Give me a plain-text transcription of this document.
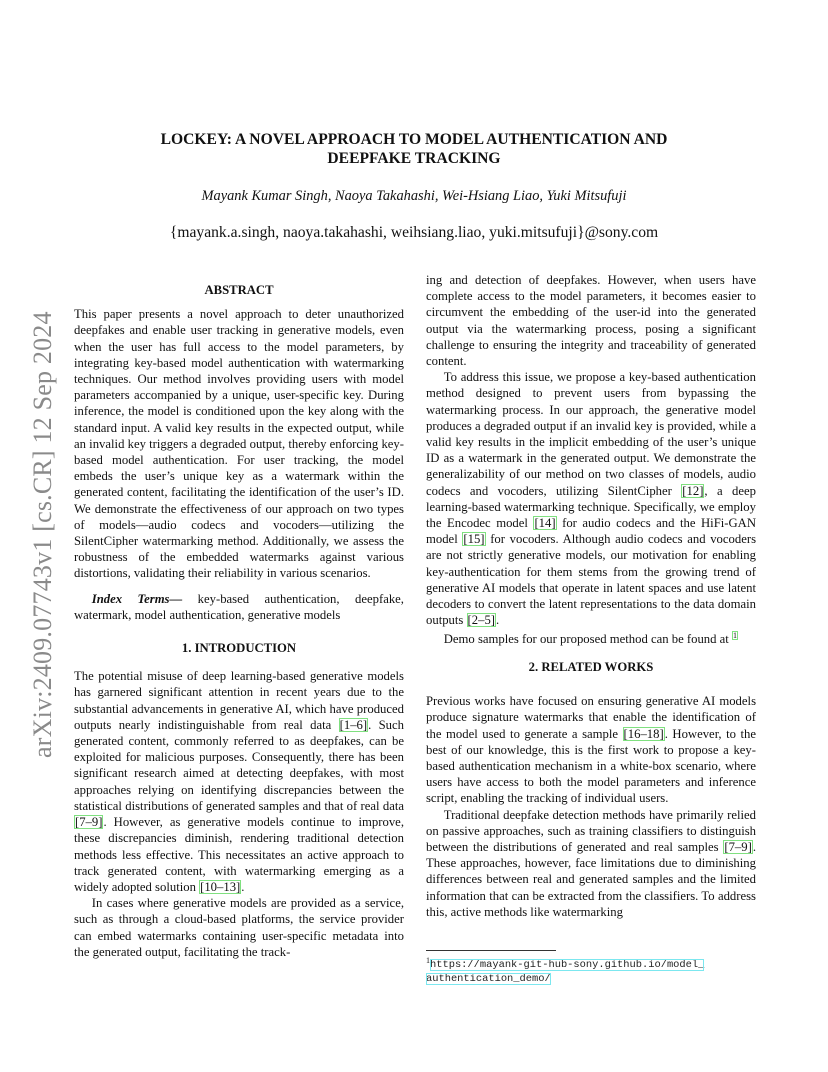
arXiv:2409.07743v1 [cs.CR] 12 Sep 2024
LOCKEY: A NOVEL APPROACH TO MODEL AUTHENTICATION AND
DEEPFAKE TRACKING
Mayank Kumar Singh, Naoya Takahashi, Wei-Hsiang Liao, Yuki Mitsufuji
{mayank.a.singh, naoya.takahashi, weihsiang.liao, yuki.mitsufuji}@sony.com

ABSTRACT

This paper presents a novel approach to deter unauthorized deepfakes and enable user tracking in generative models, even when the user has full access to the model parameters, by integrating key-based model authentication with watermarking techniques. Our method involves providing users with model parameters accompanied by a unique, user-specific key. During inference, the model is conditioned upon the key along with the standard input. A valid key results in the expected output, while an invalid key triggers a degraded output, thereby enforcing key-based model authentication. For user tracking, the model embeds the user’s unique key as a watermark within the generated content, facilitating the identification of the user’s ID. We demonstrate the effectiveness of our approach on two types of models—audio codecs and vocoders—utilizing the SilentCipher watermarking method. Additionally, we assess the robustness of the embedded watermarks against various distortions, validating their reliability in various scenarios.

Index Terms— key-based authentication, deepfake, watermark, model authentication, generative models

1. INTRODUCTION

The potential misuse of deep learning-based generative models has garnered significant attention in recent years due to the substantial advancements in generative AI, which have produced outputs nearly indistinguishable from real data [1–6]. Such generated content, commonly referred to as deepfakes, can be exploited for malicious purposes. Consequently, there has been significant research aimed at detecting deepfakes, with most approaches relying on identifying discrepancies between the statistical distributions of generated samples and that of real data [7–9]. However, as generative models continue to improve, these discrepancies diminish, rendering traditional detection methods less effective. This necessitates an active approach to track generated content, with watermarking emerging as a widely adopted solution [10–13].

In cases where generative models are provided as a service, such as through a cloud-based platforms, the service provider can embed watermarks containing user-specific metadata into the generated output, facilitating the track-

ing and detection of deepfakes. However, when users have complete access to the model parameters, it becomes easier to circumvent the embedding of the user-id into the generated output via the watermarking process, posing a significant challenge to ensuring the integrity and traceability of generated content.

To address this issue, we propose a key-based authentication method designed to prevent users from bypassing the watermarking process. In our approach, the generative model produces a degraded output if an invalid key is provided, while a valid key results in the implicit embedding of the user’s unique ID as a watermark in the generated output. We demonstrate the generalizability of our method on two classes of models, audio codecs and vocoders, utilizing SilentCipher [12], a deep learning-based watermarking technique. Specifically, we employ the Encodec model [14] for audio codecs and the HiFi-GAN model [15] for vocoders. Although audio codecs and vocoders are not strictly generative models, our motivation for enabling key-authentication for them stems from the growing trend of generative AI models that operate in latent spaces and use latent decoders to convert the latent representations to the data domain outputs [2–5].

Demo samples for our proposed method can be found at $^1$

2. RELATED WORKS

Previous works have focused on ensuring generative AI models produce signature watermarks that enable the identification of the model used to generate a sample [16–18]. However, to the best of our knowledge, this is the first work to propose a key-based authentication mechanism in a white-box scenario, where users have access to both the model parameters and inference script, enabling the tracking of individual users.

Traditional deepfake detection methods have primarily relied on passive approaches, such as training classifiers to distinguish between the distributions of generated and real samples [7–9]. These approaches, however, face limitations due to diminishing differences between real and generated samples and the limited information that can be extracted from the classifiers. To address this, active methods like watermarking

$^1$https://mayank-git-hub-sony.github.io/model_
authentication_demo/
